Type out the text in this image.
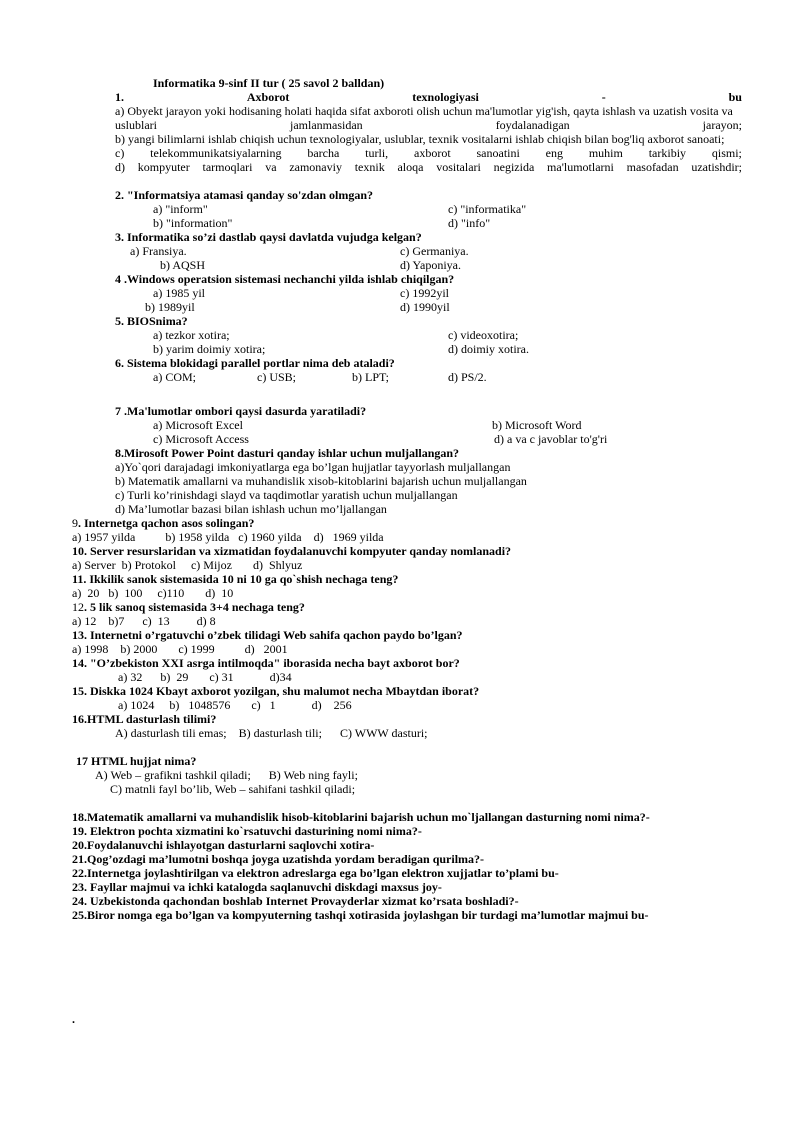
Informatika 9-sinf II tur ( 25 savol 2 balldan)
1.	Axborot	texnologiyasi	-	bu
a) Obyekt jarayon yoki hodisaning holati haqida sifat axboroti olish uchun ma'lumotlar yig'ish, qayta ishlash va uzatish vosita va
uslublari	jamlanmasidan	foydalanadigan	jarayon;
b) yangi bilimlarni ishlab chiqish uchun texnologiyalar, uslublar, texnik vositalarni ishlab chiqish bilan bog'liq axborot sanoati;
c) telekommunikatsiyalarning barcha turli, axborot sanoatini eng muhim tarkibiy qismi;
d) kompyuter tarmoqlari va zamonaviy texnik aloqa vositalari negizida ma'lumotlarni masofadan uzatishdir;
2. "Informatsiya atamasi qanday so'zdan olmgan?
a) "inform"	c) "informatika"
b) "information"	d) "info"
3. Informatika so’zi dastlab qaysi davlatda vujudga kelgan?
a) Fransiya.	c) Germaniya.
b) AQSH	d) Yaponiya.
4 .Windows operatsion sistemasi nechanchi yilda ishlab chiqilgan?
a) 1985 yil	c) 1992yil
b) 1989yil	d) 1990yil
5. BIOSnima?
a) tezkor xotira;	c) videoxotira;
b) yarim doimiy xotira;	d) doimiy xotira.
6. Sistema blokidagi parallel portlar nima deb ataladi?
a) COM;	c) USB;	b) LPT;	d) PS/2.
7 .Ma'lumotlar ombori qaysi dasurda yaratiladi?
a) Microsoft Excel	b) Microsoft Word
c) Microsoft Access	d) a va c javoblar to'g'ri
8.Mirosoft Power Point dasturi qanday ishlar uchun muljallangan?
a)Yo`qori darajadagi imkoniyatlarga ega bo’lgan hujjatlar tayyorlash muljallangan
b) Matematik amallarni va muhandislik xisob-kitoblarini bajarish uchun muljallangan
c) Turli ko’rinishdagi slayd va taqdimotlar yaratish uchun muljallangan
d) Ma’lumotlar bazasi bilan ishlash uchun mo’ljallangan
9. Internetga qachon asos solingan?
a) 1957 yilda          b) 1958 yilda   c) 1960 yilda    d)   1969 yilda
10. Server resurslaridan va xizmatidan foydalanuvchi kompyuter qanday nomlanadi?
a) Server  b) Protokol     c) Mijoz       d)  Shlyuz
11. Ikkilik sanok sistemasida 10 ni 10 ga qo`shish nechaga teng?
a)  20   b)  100     c)110       d)  10
12. 5 lik sanoq sistemasida 3+4 nechaga teng?
a) 12    b)7      c)  13         d) 8
13. Internetni o’rgatuvchi o’zbek tilidagi Web sahifa qachon paydo bo’lgan?
a) 1998    b) 2000       c) 1999          d)   2001
14. "O’zbekiston XXI asrga intilmoqda" iborasida necha bayt axborot bor?
a) 32      b)  29       c) 31            d)34
15. Diskka 1024 Kbayt axborot yozilgan, shu malumot necha Mbaytdan iborat?
a) 1024     b)   1048576       c)   1            d)    256
16.HTML dasturlash tilimi?
A) dasturlash tili emas;    B) dasturlash tili;      C) WWW dasturi;
17 HTML hujjat nima?
A) Web – grafikni tashkil qiladi;      B) Web ning fayli;
C) matnli fayl bo’lib, Web – sahifani tashkil qiladi;
18.Matematik amallarni va muhandislik hisob-kitoblarini bajarish uchun mo`ljallangan dasturning nomi nima?-
19. Elektron pochta xizmatini ko`rsatuvchi dasturining nomi nima?-
20.Foydalanuvchi ishlayotgan dasturlarni saqlovchi xotira-
21.Qog’ozdagi ma’lumotni boshqa joyga uzatishda yordam beradigan qurilma?-
22.Internetga joylashtirilgan va elektron adreslarga ega bo’lgan elektron xujjatlar to’plami bu-
23. Fayllar majmui va ichki katalogda saqlanuvchi diskdagi maxsus joy-
24. Uzbekistonda qachondan boshlab Internet Provayderlar xizmat ko’rsata boshladi?-
25.Biror nomga ega bo’lgan va kompyuterning tashqi xotirasida joylashgan bir turdagi ma’lumotlar majmui bu-
.
